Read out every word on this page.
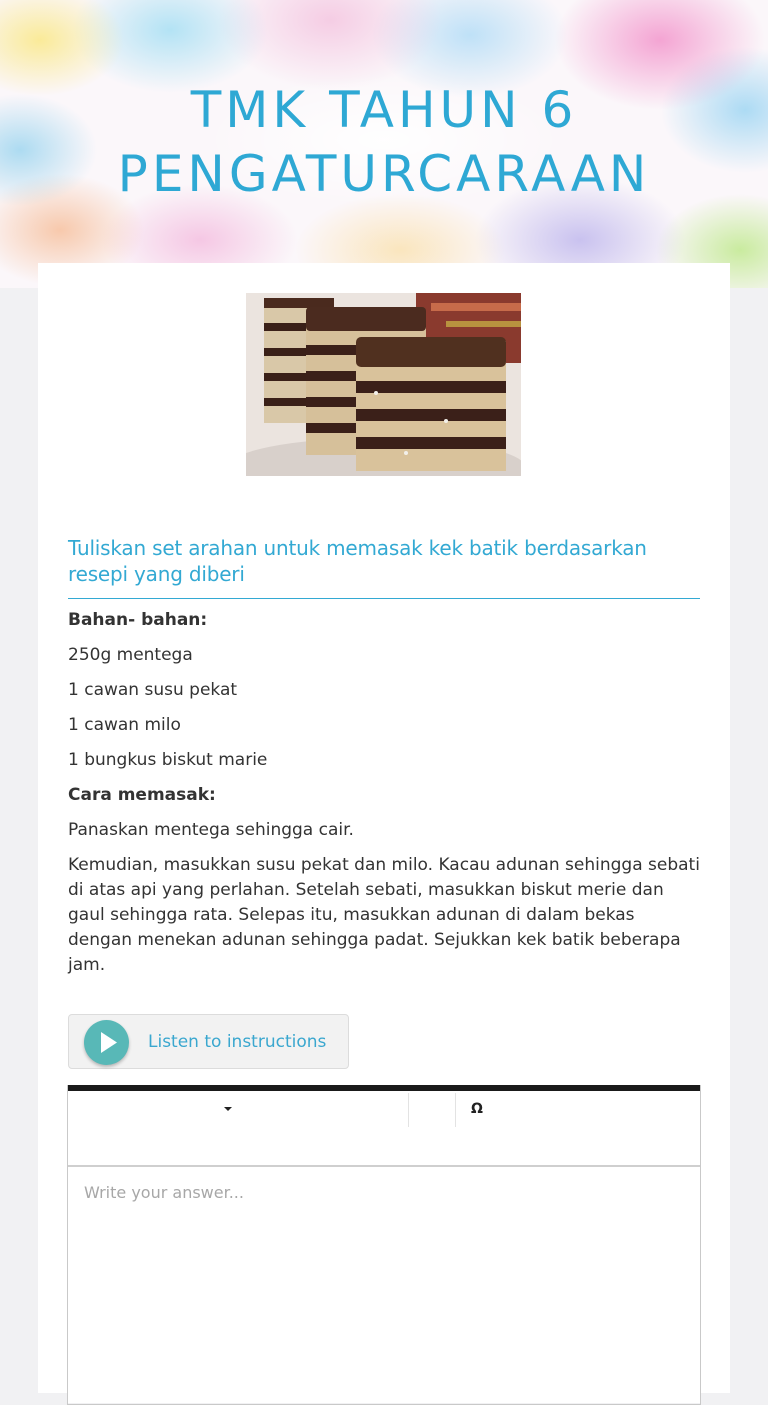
TMK TAHUN 6
PENGATURCARAAN
Tuliskan set arahan untuk memasak kek batik berdasarkan resepi yang diberi

Bahan- bahan:

250g mentega

1 cawan susu pekat

1 cawan milo

1 bungkus biskut marie

Cara memasak:

Panaskan mentega sehingga cair.

Kemudian, masukkan susu pekat dan milo. Kacau adunan sehingga sebati di atas api yang perlahan. Setelah sebati, masukkan biskut merie dan gaul sehingga rata. Selepas itu, masukkan adunan di dalam bekas dengan menekan adunan sehingga padat. Sejukkan kek batik beberapa jam.

Listen to instructions
Ω
Write your answer...
